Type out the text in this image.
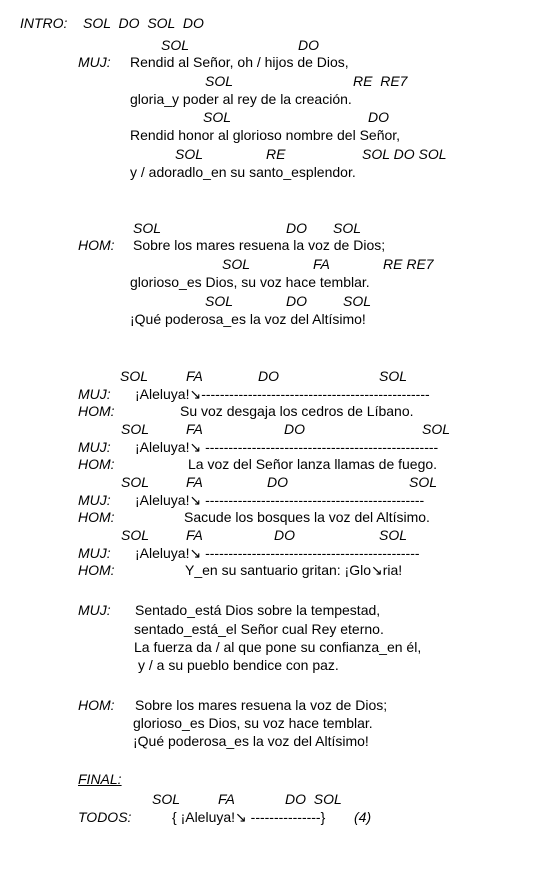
INTRO: SOL  DO  SOL  DO
SOL	DO
MUJ: Rendid al Señor, oh / hijos de Dios,
SOL	RE  RE7
gloria_y poder al rey de la creación.
SOL	DO
Rendid honor al glorioso nombre del Señor,
SOL	RE	SOL DO SOL
y / adoradlo_en su santo_esplendor.
SOL	DO SOL
HOM: Sobre los mares resuena la voz de Dios;
SOL	FA	RE RE7
glorioso_es Dios, su voz hace temblar.
SOL	DO	SOL
¡Qué poderosa_es la voz del Altísimo!
SOL	FA	DO	SOL
MUJ: ¡Aleluya!↘-------------------------------------------------
HOM:	Su voz desgaja los cedros de Líbano.
SOL	FA	DO	SOL
MUJ: ¡Aleluya!↘ --------------------------------------------------
HOM:	La voz del Señor lanza llamas de fuego.
SOL	FA	DO	SOL
MUJ: ¡Aleluya!↘ -----------------------------------------------
HOM:	Sacude los bosques la voz del Altísimo.
SOL	FA	DO	SOL
MUJ: ¡Aleluya!↘ ----------------------------------------------
HOM:	Y_en su santuario gritan: ¡Glo↘ria!
MUJ: Sentado_está Dios sobre la tempestad,
sentado_está_el Señor cual Rey eterno.
La fuerza da / al que pone su confianza_en él,
y / a su pueblo bendice con paz.
HOM: Sobre los mares resuena la voz de Dios;
glorioso_es Dios, su voz hace temblar.
¡Qué poderosa_es la voz del Altísimo!
FINAL:
SOL	FA	DO  SOL
TODOS:	{ ¡Aleluya!↘ ---------------} (4)
